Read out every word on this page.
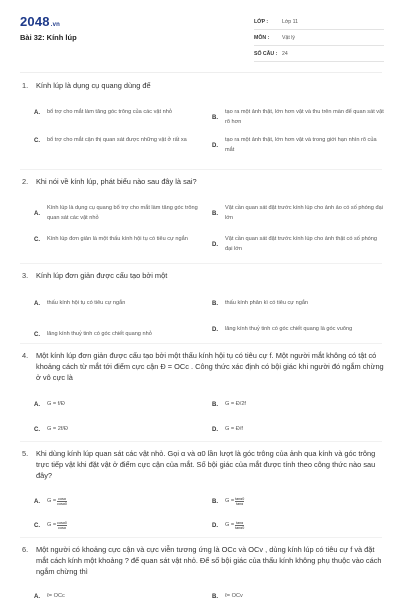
2048.vn
Bài 32: Kính lúp
LỚP :	Lớp 11
MÔN :	Vật lý
SỐ CÂU : 24
1. Kính lúp là dụng cụ quang dùng để
A.	bổ trợ cho mắt làm tăng góc trông của các vật nhỏ
B.
tạo ra một ảnh thật, lớn hơn vật và thu trên màn để quan sát vật rõ hơn
C.	bổ trợ cho mắt cận thị quan sát được những vật ở rất xa
D.
tạo ra một ảnh thật, lớn hơn vật và trong giới hạn nhìn rõ của mắt
2. Khi nói về kính lúp, phát biểu nào sau đây là sai?
A.
Kính lúp là dụng cụ quang bổ trợ cho mắt làm tăng góc trông quan sát các vật nhỏ
B.
Vật cần quan sát đặt trước kính lúp cho ảnh ảo có số phóng đại lớn
C.	Kính lúp đơn giản là một thấu kính hội tụ có tiêu cự ngắn
D.
Vật cần quan sát đặt trước kính lúp cho ảnh thật có số phóng đại lớn
3. Kính lúp đơn giản được cấu tạo bởi một
A.	thấu kính hội tụ có tiêu cự ngắn	B.	thấu kính phân kì có tiêu cự ngắn
C.	lăng kính thuỷ tinh có góc chiết quang nhỏ
D.	lăng kính thuỷ tinh có góc chiết quang là góc vuông
4. Một kính lúp đơn giản được cấu tạo bởi một thấu kính hội tụ có tiêu cự f. Một người mắt không có tật có khoảng cách từ mắt tới điểm cực cận Đ = OCc . Công thức xác định có bội giác khi người đó ngắm chừng ở vô cực là
A.	G = f/Đ	B.	G = Đ/2f
C.	G = 2f/Đ	D.	G = Đ/f
5. Khi dùng kính lúp quan sát các vật nhỏ. Gọi α và α0 lần lượt là góc trông của ảnh qua kính và góc trông trực tiếp vật khi đặt vật ở điểm cực cận của mắt. Số bội giác của mắt được tính theo công thức nào sau đây?
A.	$G = \frac{\cos\alpha}{\cos\alpha 0}$	B.	$G = \frac{\tan\alpha 0}{\tan\alpha}$
C.	$G = \frac{\cos\alpha 0}{\cos\alpha}$	D.	$G = \frac{\tan\alpha}{\tan\alpha 0}$
6. Một người có khoảng cực cận và cực viễn tương ứng là OCc và OCv , dùng kính lúp có tiêu cự f và đặt mắt cách kính một khoảng ? để quan sát vật nhỏ. Để số bội giác của thấu kính không phụ thuộc vào cách ngắm chừng thì
A.	ℓ= OCc	B.	ℓ= OCv
